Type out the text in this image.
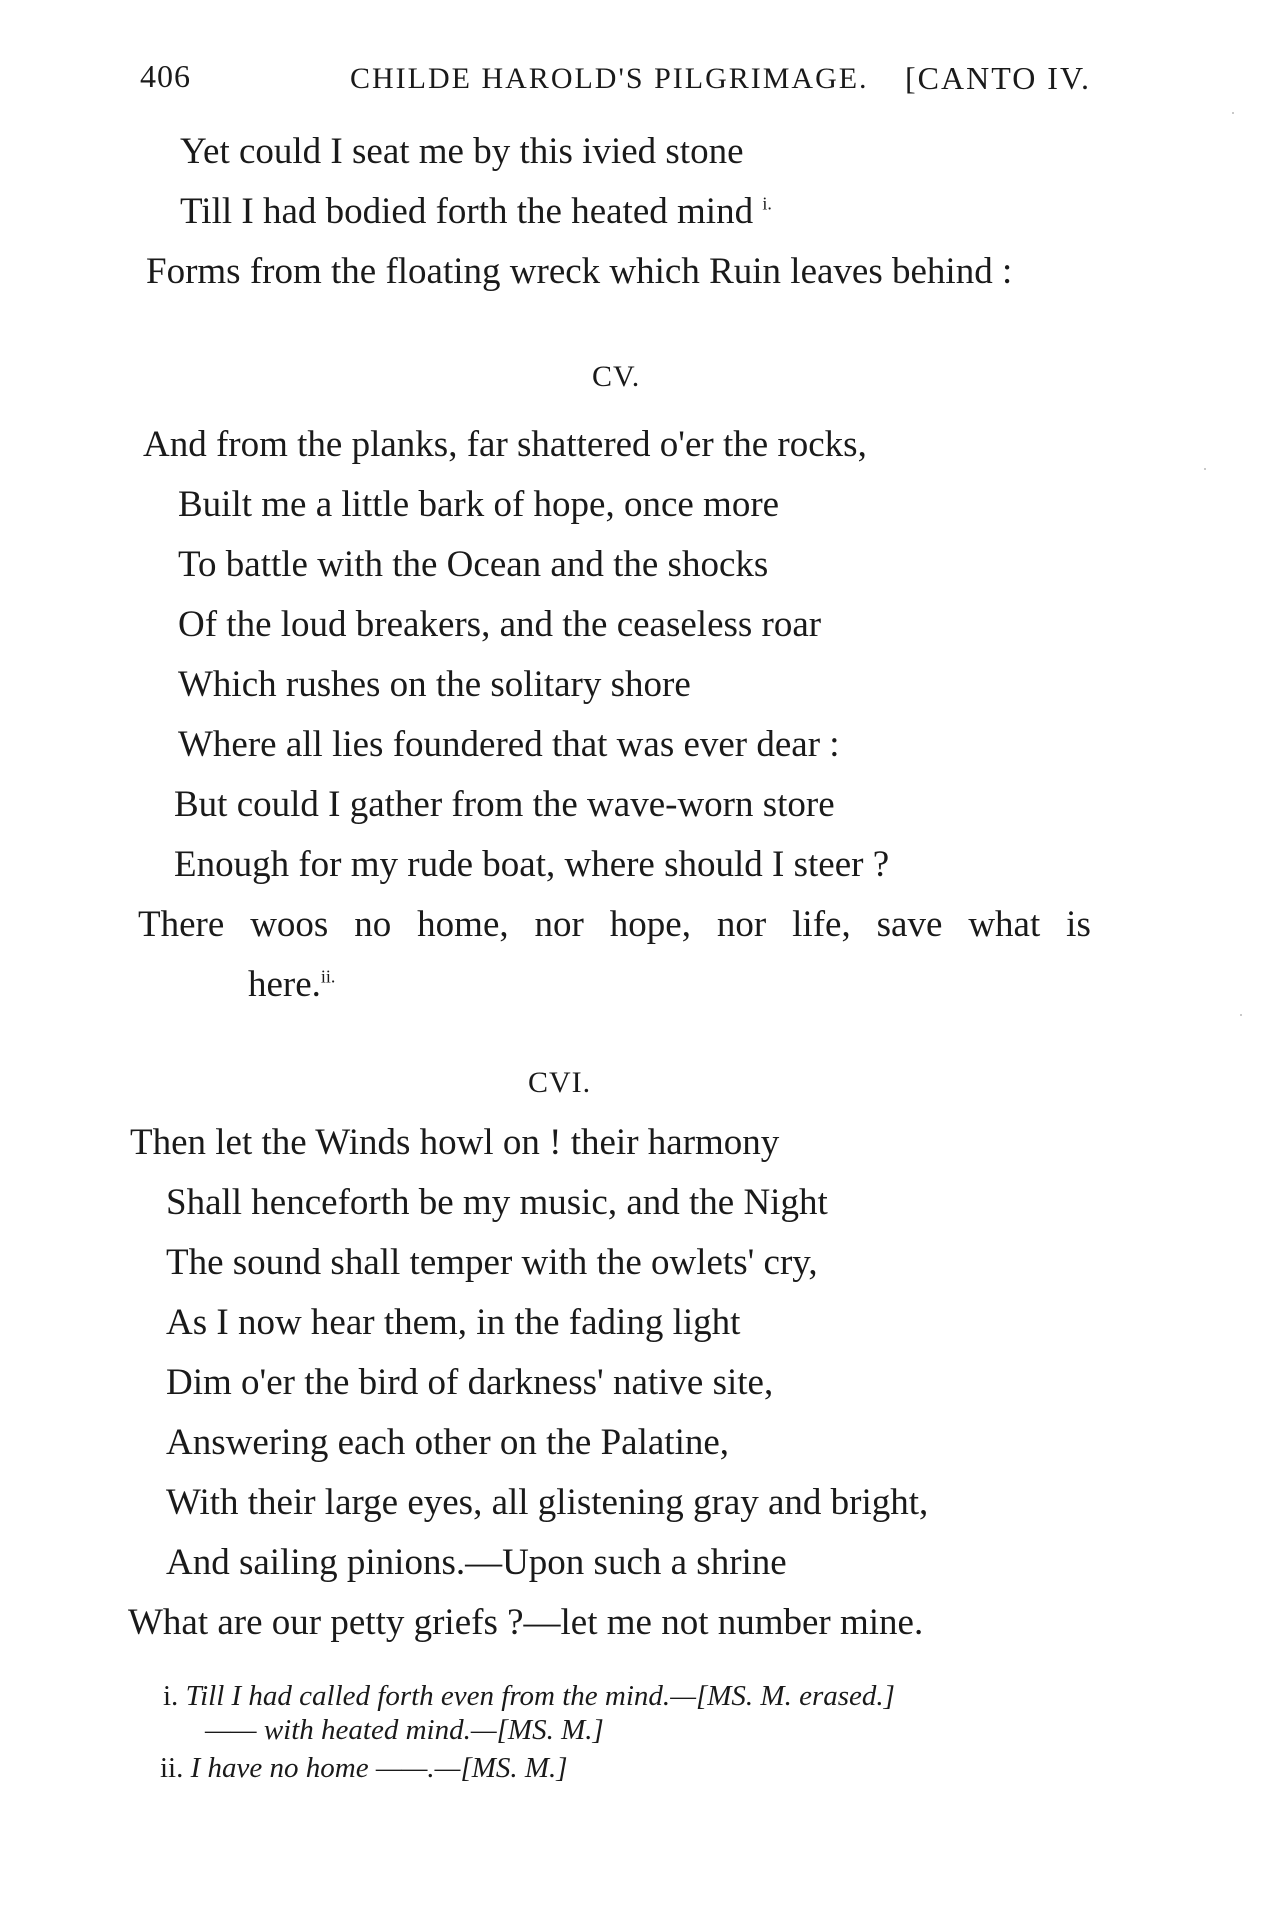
406	CHILDE HAROLD'S PILGRIMAGE. [CANTO IV.
Yet could I seat me by this ivied stone
Till I had bodied forth the heated mind $^{i.}$
Forms from the floating wreck which Ruin leaves behind :
CV.
And from the planks, far shattered o'er the rocks,
Built me a little bark of hope, once more
To battle with the Ocean and the shocks
Of the loud breakers, and the ceaseless roar
Which rushes on the solitary shore
Where all lies foundered that was ever dear :
But could I gather from the wave-worn store
Enough for my rude boat, where should I steer ?
There woos no home, nor hope, nor life, save what is
here.$^{ii.}$
CVI.
Then let the Winds howl on ! their harmony
Shall henceforth be my music, and the Night
The sound shall temper with the owlets' cry,
As I now hear them, in the fading light
Dim o'er the bird of darkness' native site,
Answering each other on the Palatine,
With their large eyes, all glistening gray and bright,
And sailing pinions.—Upon such a shrine
What are our petty griefs ?—let me not number mine.
i. Till I had called forth even from the mind.—[MS. M. erased.]
—— with heated mind.—[MS. M.]
ii. I have no home ——.—[MS. M.]
